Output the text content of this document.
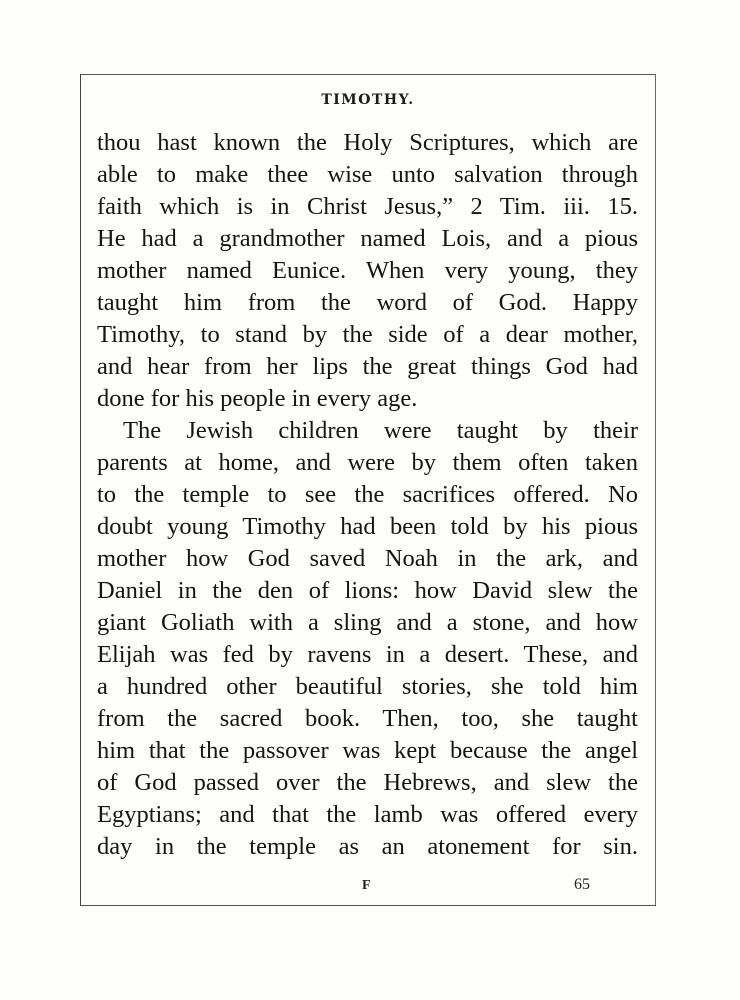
TIMOTHY.
thou hast known the Holy Scriptures, which are
able to make thee wise unto salvation through
faith which is in Christ Jesus,” 2 Tim. iii. 15.
He had a grandmother named Lois, and a pious
mother named Eunice. When very young, they
taught him from the word of God. Happy
Timothy, to stand by the side of a dear mother,
and hear from her lips the great things God had
done for his people in every age.
The Jewish children were taught by their
parents at home, and were by them often taken
to the temple to see the sacrifices offered. No
doubt young Timothy had been told by his pious
mother how God saved Noah in the ark, and
Daniel in the den of lions: how David slew the
giant Goliath with a sling and a stone, and how
Elijah was fed by ravens in a desert. These, and
a hundred other beautiful stories, she told him
from the sacred book. Then, too, she taught
him that the passover was kept because the angel
of God passed over the Hebrews, and slew the
Egyptians; and that the lamb was offered every
day in the temple as an atonement for sin.
F	65
